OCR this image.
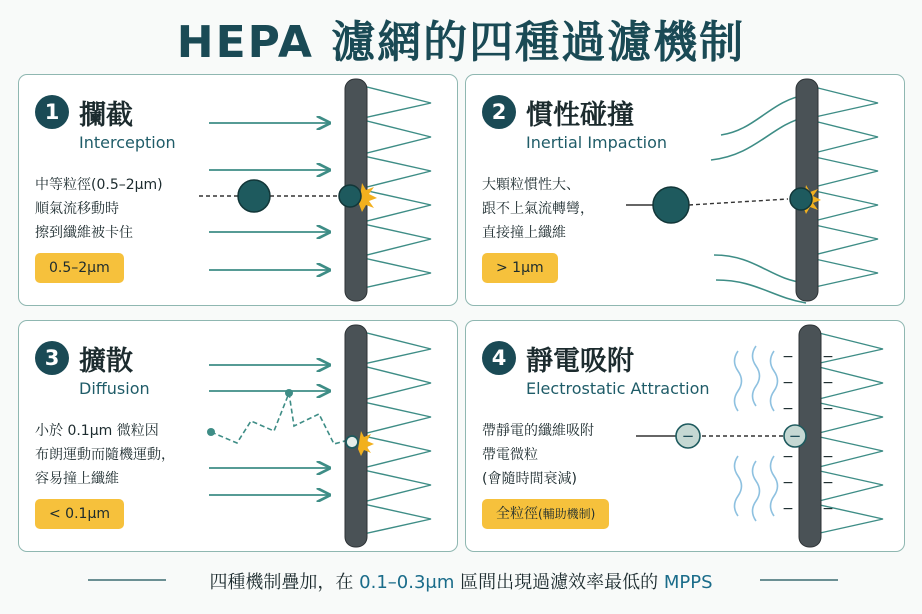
HEPA 濾網的四種過濾機制
1 攔截
Interception
中等粒徑(0.5–2μm)
順氣流移動時
擦到纖維被卡住
0.5–2μm
2 慣性碰撞
Inertial Impaction
大顆粒慣性大、
跟不上氣流轉彎，
直接撞上纖維
> 1μm
3 擴散
Diffusion
小於 0.1μm 微粒因
布朗運動而隨機運動，
容易撞上纖維
< 0.1μm
− −
− −
− −
− −
− −
− −
−	−
4 靜電吸附
Electrostatic Attraction
帶靜電的纖維吸附
帶電微粒
(會隨時間衰減)
全粒徑(輔助機制)
四種機制疊加，在 0.1–0.3μm 區間出現過濾效率最低的 MPPS
